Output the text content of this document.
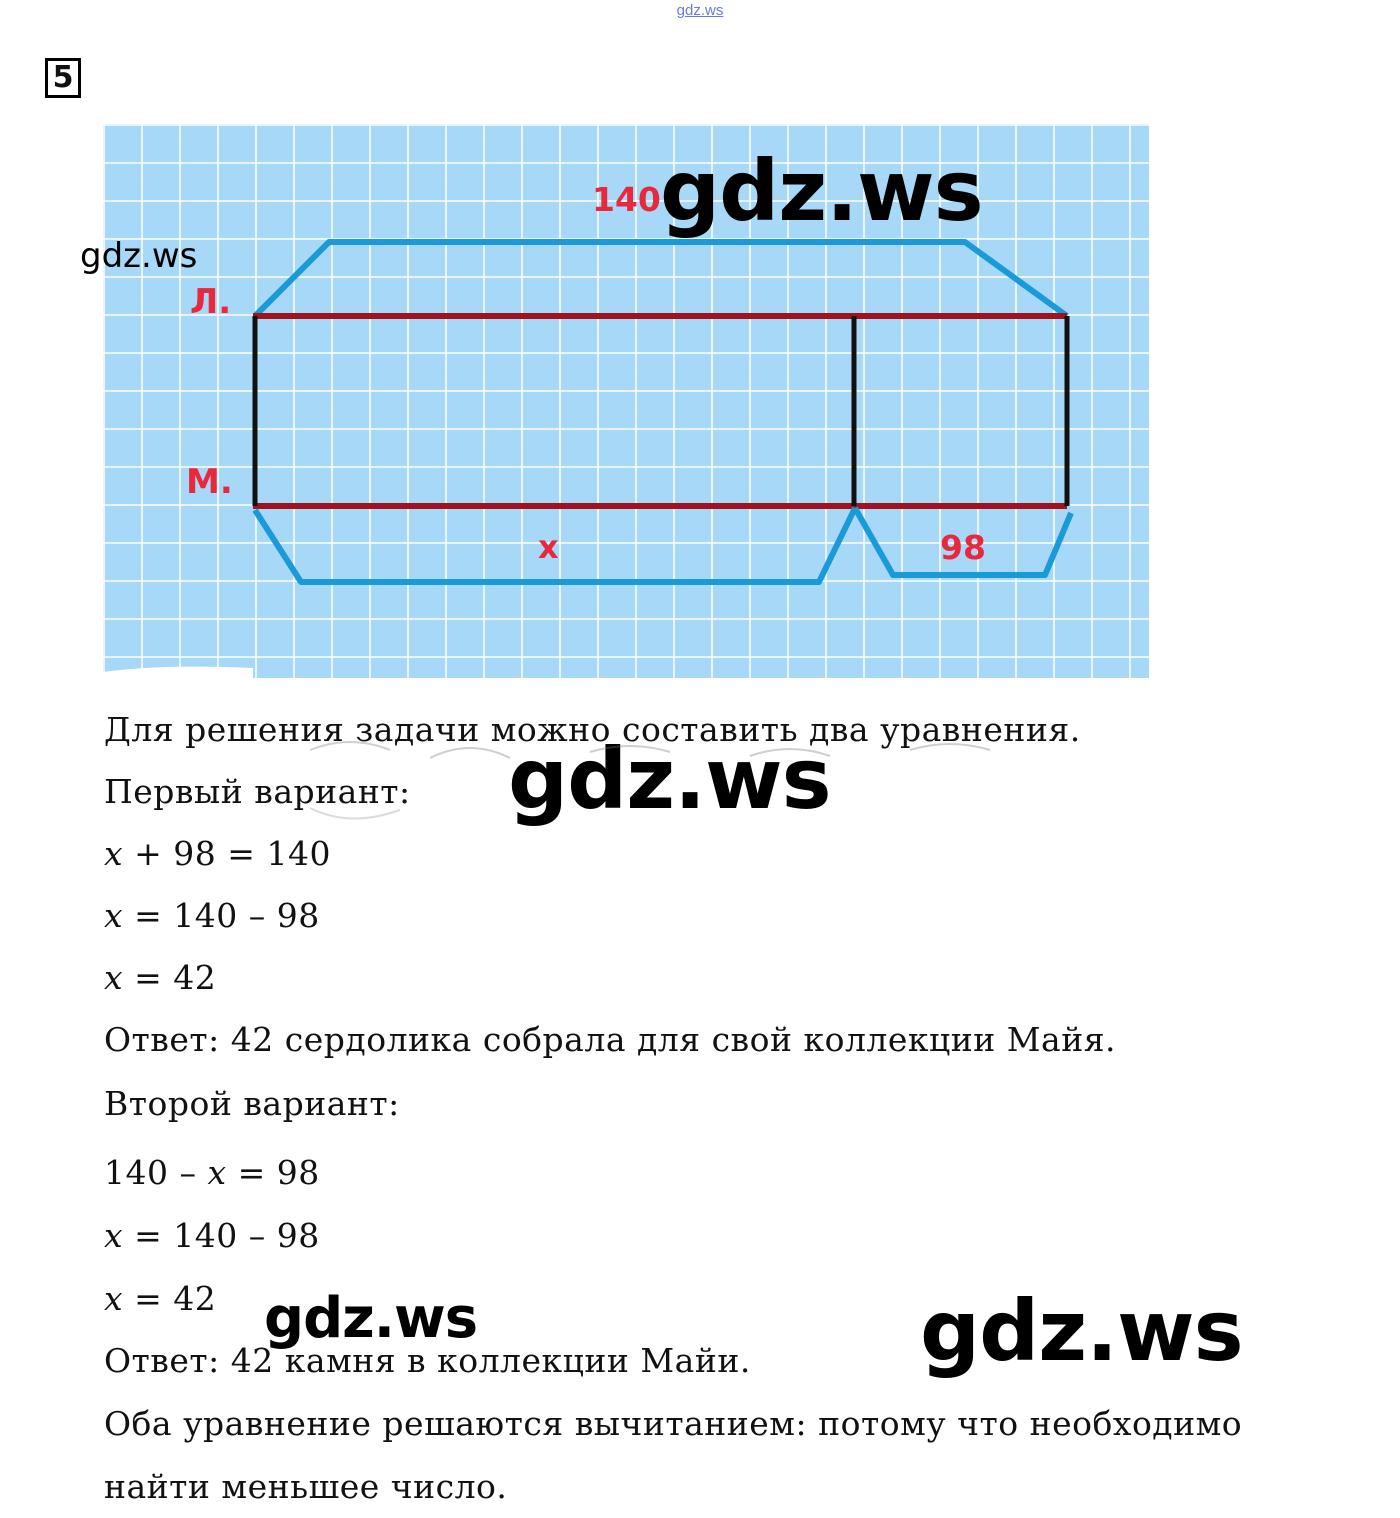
gdz.ws
5
140
Л.
М.
x	98
gdz.ws
gdz.ws
gdz.ws
gdz.ws	gdz.ws
Для решения задачи можно составить два уравнения.
Первый вариант:
x + 98 = 140
x = 140 – 98
x = 42
Ответ: 42 сердолика собрала для свой коллекции Майя.
Второй вариант:
140 – x = 98
x = 140 – 98
x = 42
Ответ: 42 камня в коллекции Майи.
Оба уравнение решаются вычитанием: потому что необходимо
найти меньшее число.
